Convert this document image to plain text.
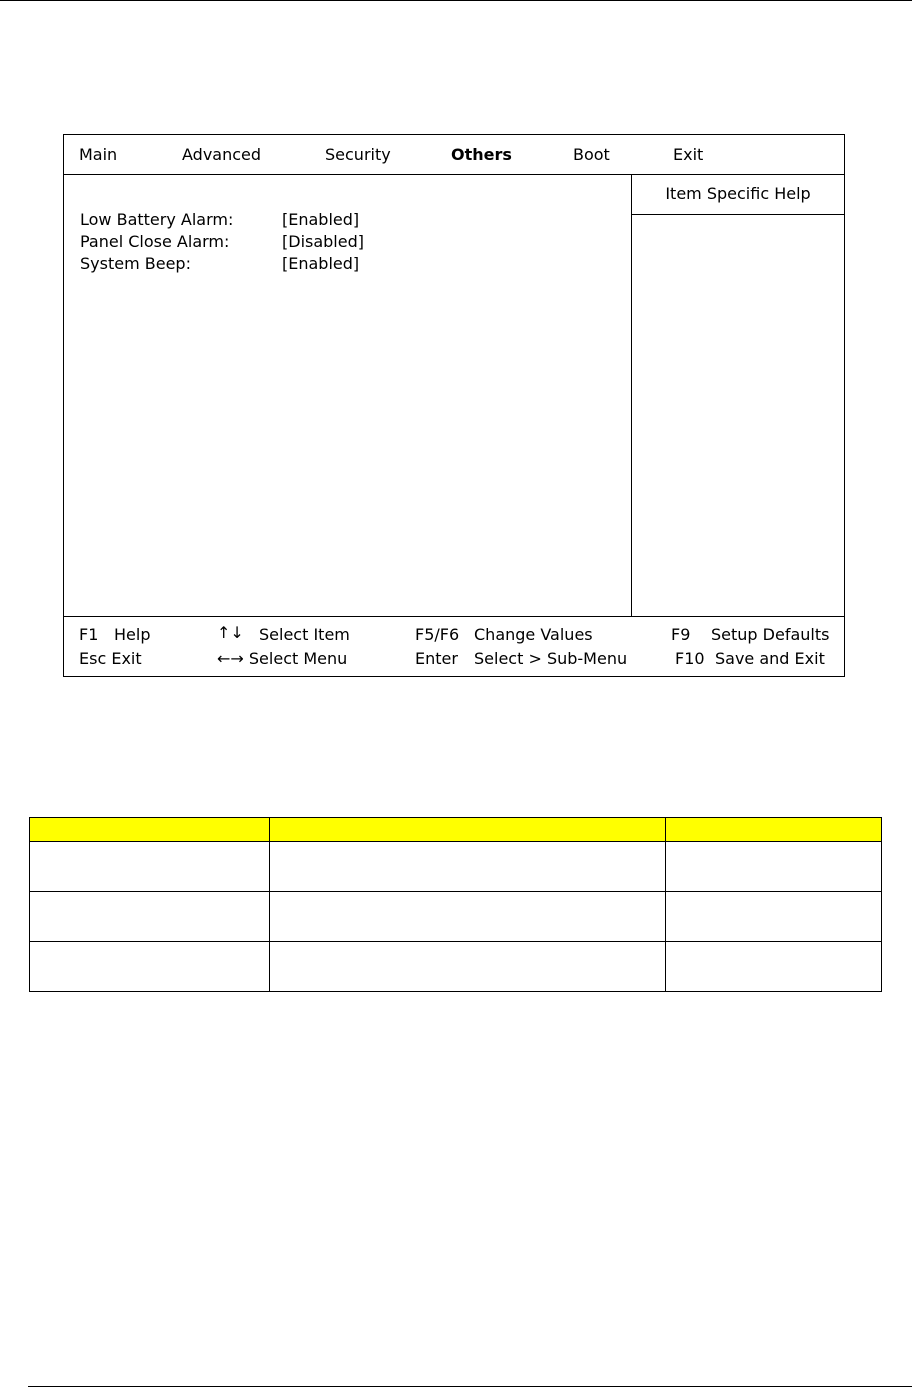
Main	Advanced	Security	Others	Boot	Exit
Low Battery Alarm:	[Enabled]
Panel Close Alarm:	[Disabled]
System Beep:	[Enabled]
Item Specific Help
F1 Help	↑↓ Select Item	F5/F6 Change Values	F9 Setup Defaults
Esc Exit	←→ Select Menu	Enter Select > Sub-Menu	F10 Save and Exit
